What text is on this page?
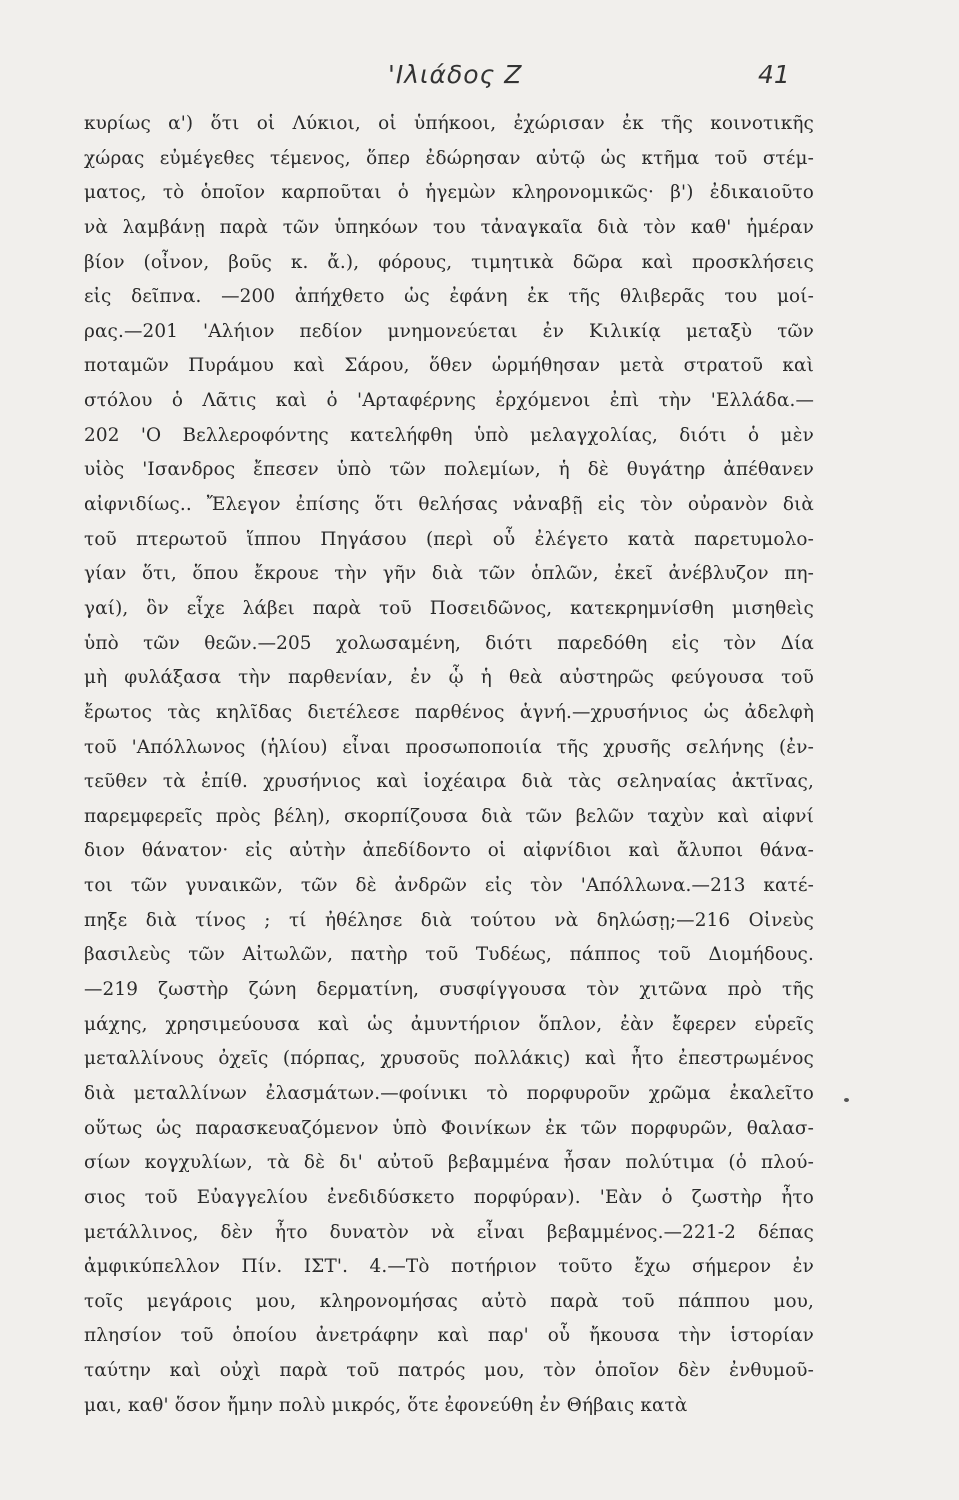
'Ιλιάδος Ζ	41
κυρίως α') ὅτι οἱ Λύκιοι, οἱ ὑπήκοοι, ἐχώρισαν ἐκ τῆς κοινοτικῆς
χώρας εὐμέγεθες τέμενος, ὅπερ ἐδώρησαν αὐτῷ ὡς κτῆμα τοῦ στέμ-
ματος, τὸ ὁποῖον καρποῦται ὁ ἡγεμὼν κληρονομικῶς· β') ἐδικαιοῦτο
νὰ λαμβάνῃ παρὰ τῶν ὑπηκόων του τἀναγκαῖα διὰ τὸν καθ' ἡμέραν
βίον (οἶνον, βοῦς κ. ἄ.), φόρους, τιμητικὰ δῶρα καὶ προσκλήσεις
εἰς δεῖπνα. —200 ἀπήχθετο ὡς ἐφάνη ἐκ τῆς θλιβερᾶς του μοί-
ρας.—201 'Αλήιον πεδίον μνημονεύεται ἐν Κιλικίᾳ μεταξὺ τῶν
ποταμῶν Πυράμου καὶ Σάρου, ὅθεν ὡρμήθησαν μετὰ στρατοῦ καὶ
στόλου ὁ Λᾶτις καὶ ὁ 'Αρταφέρνης ἐρχόμενοι ἐπὶ τὴν 'Ελλάδα.—
202 'Ο Βελλεροφόντης κατελήφθη ὑπὸ μελαγχολίας, διότι ὁ μὲν
υἱὸς 'Ισανδρος ἔπεσεν ὑπὸ τῶν πολεμίων, ἡ δὲ θυγάτηρ ἀπέθανεν
αἰφνιδίως.. Ἔλεγον ἐπίσης ὅτι θελήσας νἀναβῇ εἰς τὸν οὐρανὸν διὰ
τοῦ πτερωτοῦ ἵππου Πηγάσου (περὶ οὗ ἐλέγετο κατὰ παρετυμολο-
γίαν ὅτι, ὅπου ἔκρουε τὴν γῆν διὰ τῶν ὁπλῶν, ἐκεῖ ἀνέβλυζον πη-
γαί), ὃν εἶχε λάβει παρὰ τοῦ Ποσειδῶνος, κατεκρημνίσθη μισηθεὶς
ὑπὸ τῶν θεῶν.—205 χολωσαμένη, διότι παρεδόθη εἰς τὸν Δία
μὴ φυλάξασα τὴν παρθενίαν, ἐν ᾧ ἡ θεὰ αὐστηρῶς φεύγουσα τοῦ
ἔρωτος τὰς κηλῖδας διετέλεσε παρθένος ἁγνή.—χρυσήνιος ὡς ἀδελφὴ
τοῦ 'Απόλλωνος (ἡλίου) εἶναι προσωποποιία τῆς χρυσῆς σελήνης (ἐν-
τεῦθεν τὰ ἐπίθ. χρυσήνιος καὶ ἰοχέαιρα διὰ τὰς σεληναίας ἀκτῖνας,
παρεμφερεῖς πρὸς βέλη), σκορπίζουσα διὰ τῶν βελῶν ταχὺν καὶ αἰφνί
διον θάνατον· εἰς αὐτὴν ἀπεδίδοντο οἱ αἰφνίδιοι καὶ ἄλυποι θάνα-
τοι τῶν γυναικῶν, τῶν δὲ ἀνδρῶν εἰς τὸν 'Απόλλωνα.—213 κατέ-
πηξε διὰ τίνος ; τί ἠθέλησε διὰ τούτου νὰ δηλώσῃ;—216 Οἰνεὺς
βασιλεὺς τῶν Αἰτωλῶν, πατὴρ τοῦ Τυδέως, πάππος τοῦ Διομήδους.
—219 ζωστὴρ ζώνη δερματίνη, συσφίγγουσα τὸν χιτῶνα πρὸ τῆς
μάχης, χρησιμεύουσα καὶ ὡς ἀμυντήριον ὅπλον, ἐὰν ἔφερεν εὑρεῖς
μεταλλίνους ὀχεῖς (πόρπας, χρυσοῦς πολλάκις) καὶ ἦτο ἐπεστρωμένος
διὰ μεταλλίνων ἐλασμάτων.—φοίνικι τὸ πορφυροῦν χρῶμα ἐκαλεῖτο
οὕτως ὡς παρασκευαζόμενον ὑπὸ Φοινίκων ἐκ τῶν πορφυρῶν, θαλασ-
σίων κογχυλίων, τὰ δὲ δι' αὐτοῦ βεβαμμένα ἦσαν πολύτιμα (ὁ πλού-
σιος τοῦ Εὐαγγελίου ἐνεδιδύσκετο πορφύραν). 'Εὰν ὁ ζωστὴρ ἦτο
μετάλλινος, δὲν ἦτο δυνατὸν νὰ εἶναι βεβαμμένος.—221-2 δέπας
ἀμφικύπελλον Πίν. ΙΣΤ'. 4.—Τὸ ποτήριον τοῦτο ἔχω σήμερον ἐν
τοῖς μεγάροις μου, κληρονομήσας αὐτὸ παρὰ τοῦ πάππου μου,
πλησίον τοῦ ὁποίου ἀνετράφην καὶ παρ' οὗ ἤκουσα τὴν ἱστορίαν
ταύτην καὶ οὐχὶ παρὰ τοῦ πατρός μου, τὸν ὁποῖον δὲν ἐνθυμοῦ-
μαι, καθ' ὅσον ἤμην πολὺ μικρός, ὅτε ἐφονεύθη ἐν Θήβαις κατὰ
